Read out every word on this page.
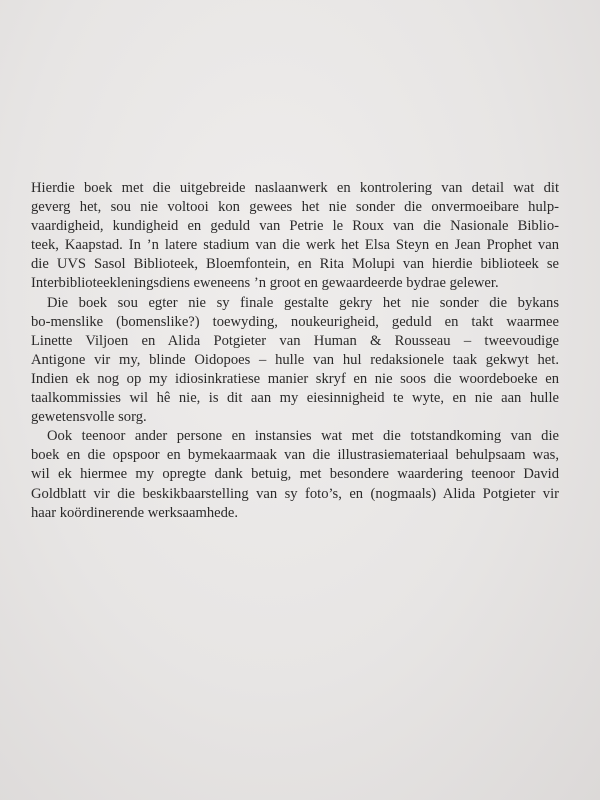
Hierdie boek met die uitgebreide naslaanwerk en kontrolering van detail wat dit
geverg het, sou nie voltooi kon gewees het nie sonder die onvermoeibare hulp-
vaardigheid, kundigheid en geduld van Petrie le Roux van die Nasionale Biblio-
teek, Kaapstad. In ’n latere stadium van die werk het Elsa Steyn en Jean Prophet van
die UVS Sasol Biblioteek, Bloemfontein, en Rita Molupi van hierdie biblioteek se
Interbiblioteekleningsdiens eweneens ’n groot en gewaardeerde bydrae gelewer.
Die boek sou egter nie sy finale gestalte gekry het nie sonder die bykans
bo-menslike (bomenslike?) toewyding, noukeurigheid, geduld en takt waarmee
Linette Viljoen en Alida Potgieter van Human & Rousseau – tweevoudige
Antigone vir my, blinde Oidopoes – hulle van hul redaksionele taak gekwyt het.
Indien ek nog op my idiosinkratiese manier skryf en nie soos die woordeboeke en
taalkommissies wil hê nie, is dit aan my eiesinnigheid te wyte, en nie aan hulle
gewetensvolle sorg.
Ook teenoor ander persone en instansies wat met die totstandkoming van die
boek en die opspoor en bymekaarmaak van die illustrasiemateriaal behulpsaam was,
wil ek hiermee my opregte dank betuig, met besondere waardering teenoor David
Goldblatt vir die beskikbaarstelling van sy foto’s, en (nogmaals) Alida Potgieter vir
haar koördinerende werksaamhede.
